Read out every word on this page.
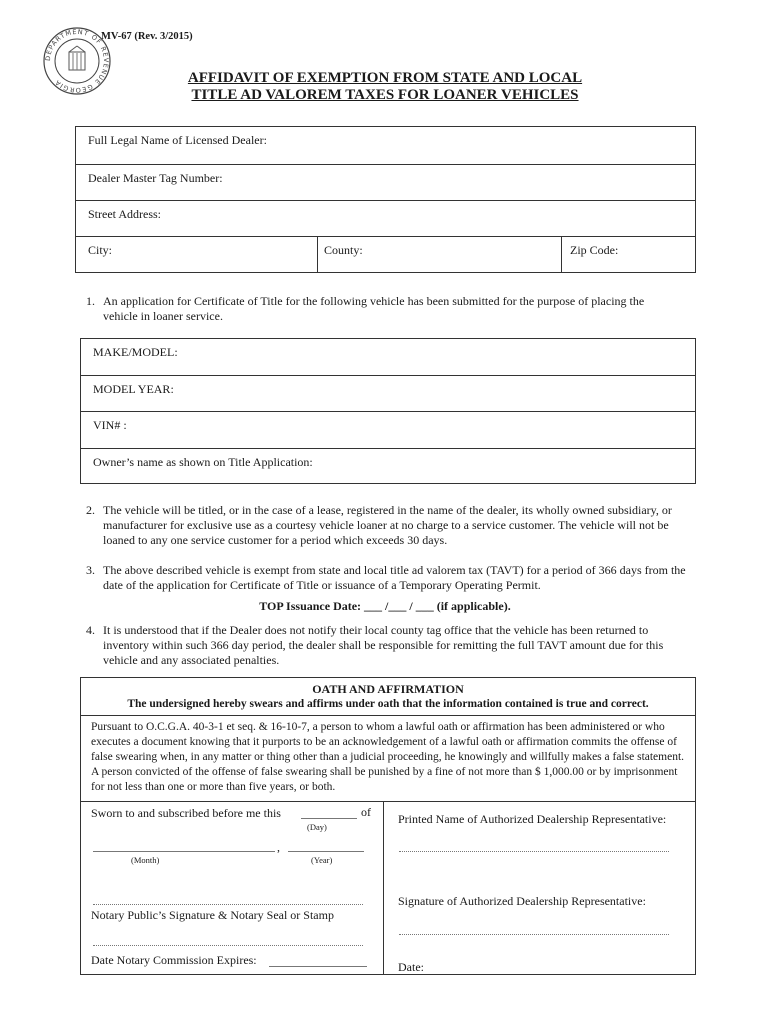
DEPARTMENT OF REVENUE GEORGIA
MV-67 (Rev. 3/2015)
AFFIDAVIT OF EXEMPTION FROM STATE AND LOCAL
TITLE AD VALOREM TAXES FOR LOANER VEHICLES
Full Legal Name of Licensed Dealer:
Dealer Master Tag Number:
Street Address:
City:	County:	Zip Code:
1. An application for Certificate of Title for the following vehicle has been submitted for the purpose of placing the vehicle in loaner service.
MAKE/MODEL:
MODEL YEAR:
VIN# :
Owner’s name as shown on Title Application:
2. The vehicle will be titled, or in the case of a lease, registered in the name of the dealer, its wholly owned subsidiary, or manufacturer for exclusive use as a courtesy vehicle loaner at no charge to a service customer. The vehicle will not be loaned to any one service customer for a period which exceeds 30 days.
3. The above described vehicle is exempt from state and local title ad valorem tax (TAVT) for a period of 366 days from the date of the application for Certificate of Title or issuance of a Temporary Operating Permit.
TOP Issuance Date: ___ /___ / ___ (if applicable).
4. It is understood that if the Dealer does not notify their local county tag office that the vehicle has been returned to inventory within such 366 day period, the dealer shall be responsible for remitting the full TAVT amount due for this vehicle and any associated penalties.
OATH AND AFFIRMATION
The undersigned hereby swears and affirms under oath that the information contained is true and correct.
Pursuant to O.C.G.A. 40-3-1 et seq. & 16-10-7, a person to whom a lawful oath or affirmation has been administered or who executes a document knowing that it purports to be an acknowledgement of a lawful oath or affirmation commits the offense of false swearing when, in any matter or thing other than a judicial proceeding, he knowingly and willfully makes a false statement. A person convicted of the offense of false swearing shall be punished by a fine of not more than $ 1,000.00 or by imprisonment for not less than one or more than five years, or both.
Sworn to and subscribed before me this	of
(Day)
,
(Month)	(Year)
Notary Public’s Signature & Notary Seal or Stamp
Date Notary Commission Expires:
Printed Name of Authorized Dealership Representative:
Signature of Authorized Dealership Representative:
Date:
